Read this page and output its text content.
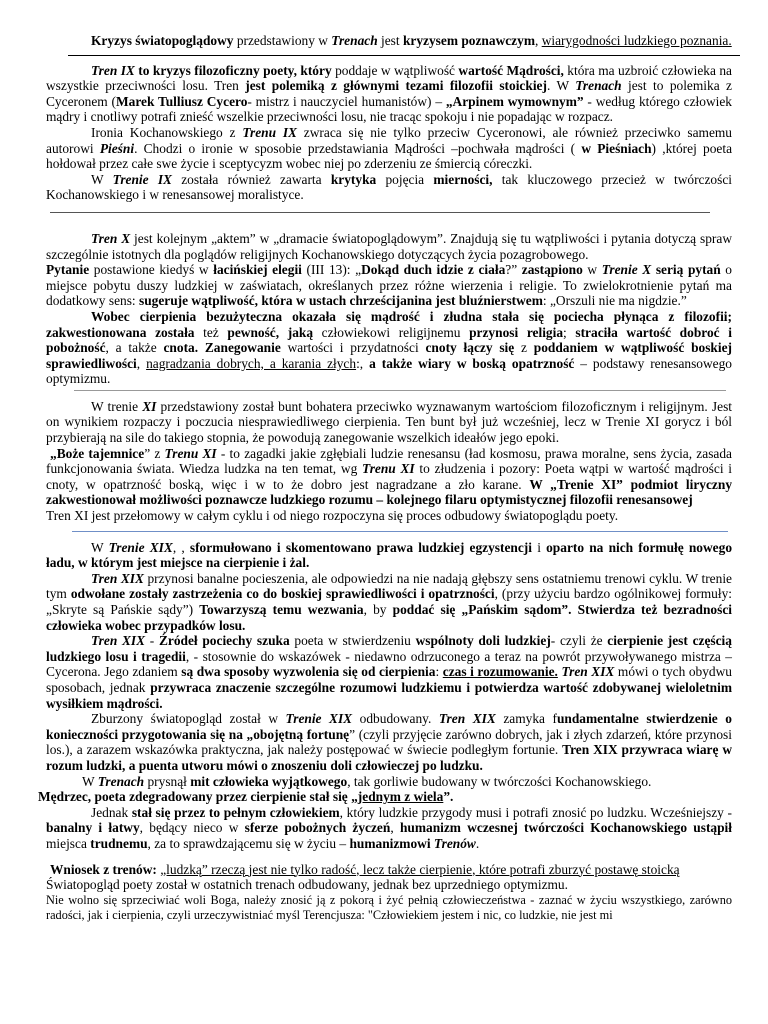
Kryzys światopoglądowy przedstawiony w Trenach jest kryzysem poznawczym, wiarygodności ludzkiego poznania.

Tren IX to kryzys filozoficzny poety, który poddaje w wątpliwość wartość Mądrości, która ma uzbroić człowieka na wszystkie przeciwności losu. Tren jest polemiką z głównymi tezami filozofii stoickiej. W Trenach jest to polemika z Cyceronem (Marek Tulliusz Cycero- mistrz i nauczyciel humanistów) – „Arpinem wymownym” - według którego człowiek mądry i cnotliwy potrafi znieść wszelkie przeciwności losu, nie tracąc spokoju i nie popadając w rozpacz.

Ironia Kochanowskiego z Trenu IX zwraca się nie tylko przeciw Cyceronowi, ale również przeciwko samemu autorowi Pieśni. Chodzi o ironie w sposobie przedstawiania Mądrości –pochwała mądrości ( w Pieśniach) ,której poeta hołdował przez całe swe życie i sceptycyzm wobec niej po zderzeniu ze śmiercią córeczki.

W Trenie IX została również zawarta krytyka pojęcia mierności, tak kluczowego przecież w twórczości Kochanowskiego i w renesansowej moralistyce.

Tren X jest kolejnym „aktem” w „dramacie światopoglądowym”. Znajdują się tu wątpliwości i pytania dotyczą spraw szczególnie istotnych dla poglądów religijnych Kochanowskiego dotyczących życia pozagrobowego.

Pytanie postawione kiedyś w łacińskiej elegii (III 13): „Dokąd duch idzie z ciała?” zastąpiono w Trenie X serią pytań o miejsce pobytu duszy ludzkiej w zaświatach, określanych przez różne wierzenia i religie. To zwielokrotnienie pytań ma dodatkowy sens: sugeruje wątpliwość, która w ustach chrześcijanina jest bluźnierstwem: „Orszuli nie ma nigdzie.”

Wobec cierpienia bezużyteczna okazała się mądrość i złudna stała się pociecha płynąca z filozofii; zakwestionowana została też pewność, jaką człowiekowi religijnemu przynosi religia; straciła wartość dobroć i pobożność, a także cnota. Zanegowanie wartości i przydatności cnoty łączy się z poddaniem w wątpliwość boskiej sprawiedliwości, nagradzania dobrych, a karania złych:, a także wiary w boską opatrzność – podstawy renesansowego optymizmu.

W trenie XI przedstawiony został bunt bohatera przeciwko wyznawanym wartościom filozoficznym i religijnym. Jest on wynikiem rozpaczy i poczucia niesprawiedliwego cierpienia. Ten bunt był już wcześniej, lecz w Trenie XI gorycz i ból przybierają na sile do takiego stopnia, że powodują zanegowanie wszelkich ideałów jego epoki.

„Boże tajemnice” z Trenu XI - to zagadki jakie zgłębiali ludzie renesansu (ład kosmosu, prawa moralne, sens życia, zasada funkcjonowania świata. Wiedza ludzka na ten temat, wg Trenu XI to złudzenia i pozory: Poeta wątpi w wartość mądrości i cnoty, w opatrzność boską, więc i w to że dobro jest nagradzane a zło karane. W „Trenie XI” podmiot liryczny zakwestionował możliwości poznawcze ludzkiego rozumu – kolejnego filaru optymistycznej filozofii renesansowej

Tren XI jest przełomowy w całym cyklu i od niego rozpoczyna się proces odbudowy światopoglądu poety.

W Trenie XIX, , sformułowano i skomentowano prawa ludzkiej egzystencji i oparto na nich formułę nowego ładu, w którym jest miejsce na cierpienie i żal.

Tren XIX przynosi banalne pocieszenia, ale odpowiedzi na nie nadają głębszy sens ostatniemu trenowi cyklu. W trenie tym odwołane zostały zastrzeżenia co do boskiej sprawiedliwości i opatrzności, (przy użyciu bardzo ogólnikowej formuły: „Skryte są Pańskie sądy”) Towarzyszą temu wezwania, by poddać się „Pańskim sądom”. Stwierdza też bezradności człowieka wobec przypadków losu.

Tren XIX - Źródeł pociechy szuka poeta w stwierdzeniu wspólnoty doli ludzkiej- czyli że cierpienie jest częścią ludzkiego losu i tragedii, - stosownie do wskazówek - niedawno odrzuconego a teraz na powrót przywoływanego mistrza – Cycerona. Jego zdaniem są dwa sposoby wyzwolenia się od cierpienia: czas i rozumowanie. Tren XIX mówi o tych obydwu sposobach, jednak przywraca znaczenie szczególne rozumowi ludzkiemu i potwierdza wartość zdobywanej wieloletnim wysiłkiem mądrości.

Zburzony światopogląd został w Trenie XIX odbudowany. Tren XIX zamyka fundamentalne stwierdzenie o konieczności przygotowania się na „obojętną fortunę” (czyli przyjęcie zarówno dobrych, jak i złych zdarzeń, które przynosi los.), a zarazem wskazówka praktyczna, jak należy postępować w świecie podległym fortunie. Tren XIX przywraca wiarę w rozum ludzki, a puenta utworu mówi o znoszeniu doli człowieczej po ludzku.

W Trenach prysnął mit człowieka wyjątkowego, tak gorliwie budowany w twórczości Kochanowskiego.

Mędrzec, poeta zdegradowany przez cierpienie stał się „jednym z wiela”.

Jednak stał się przez to pełnym człowiekiem, który ludzkie przygody musi i potrafi znosić po ludzku. Wcześniejszy - banalny i łatwy, będący nieco w sferze pobożnych życzeń, humanizm wczesnej twórczości Kochanowskiego ustąpił miejsca trudnemu, za to sprawdzającemu się w życiu – humanizmowi Trenów.

Wniosek z trenów: „ludzką” rzeczą jest nie tylko radość, lecz także cierpienie, które potrafi zburzyć postawę stoicką

Światopogląd poety został w ostatnich trenach odbudowany, jednak bez uprzedniego optymizmu.

Nie wolno się sprzeciwiać woli Boga, należy znosić ją z pokorą i żyć pełnią człowieczeństwa - zaznać w życiu wszystkiego, zarówno radości, jak i cierpienia, czyli urzeczywistniać myśl Terencjusza: "Człowiekiem jestem i nic, co ludzkie, nie jest mi
